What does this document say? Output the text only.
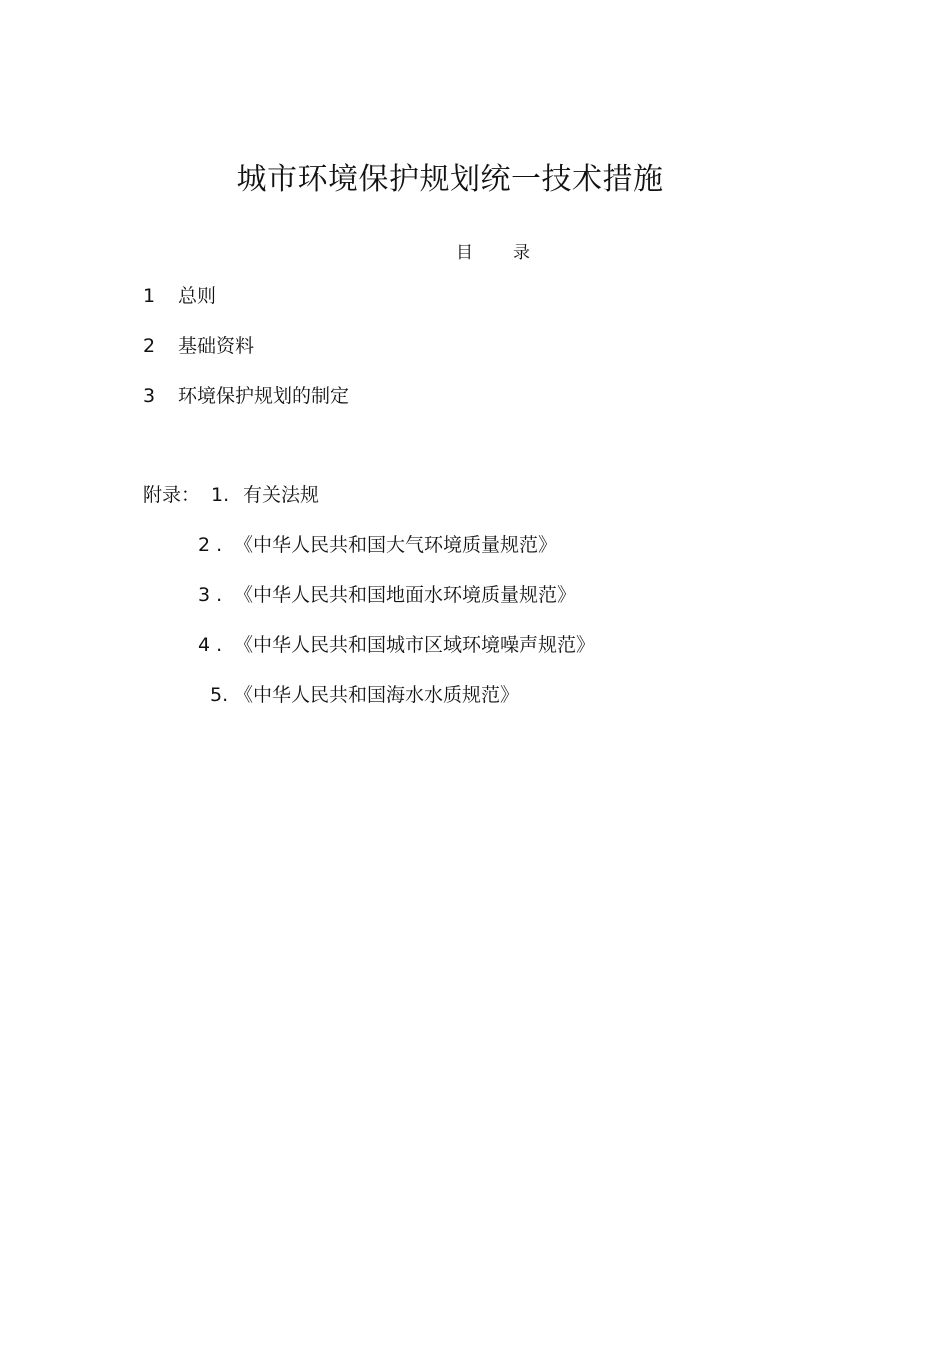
城市环境保护规划统一技术措施
目 录
1 总则
2 基础资料
3 环境保护规划的制定
附录： 1. 有关法规
2 . 《中华人民共和国大气环境质量规范》
3 . 《中华人民共和国地面水环境质量规范》
4 . 《中华人民共和国城市区域环境噪声规范》
5. 《中华人民共和国海水水质规范》
